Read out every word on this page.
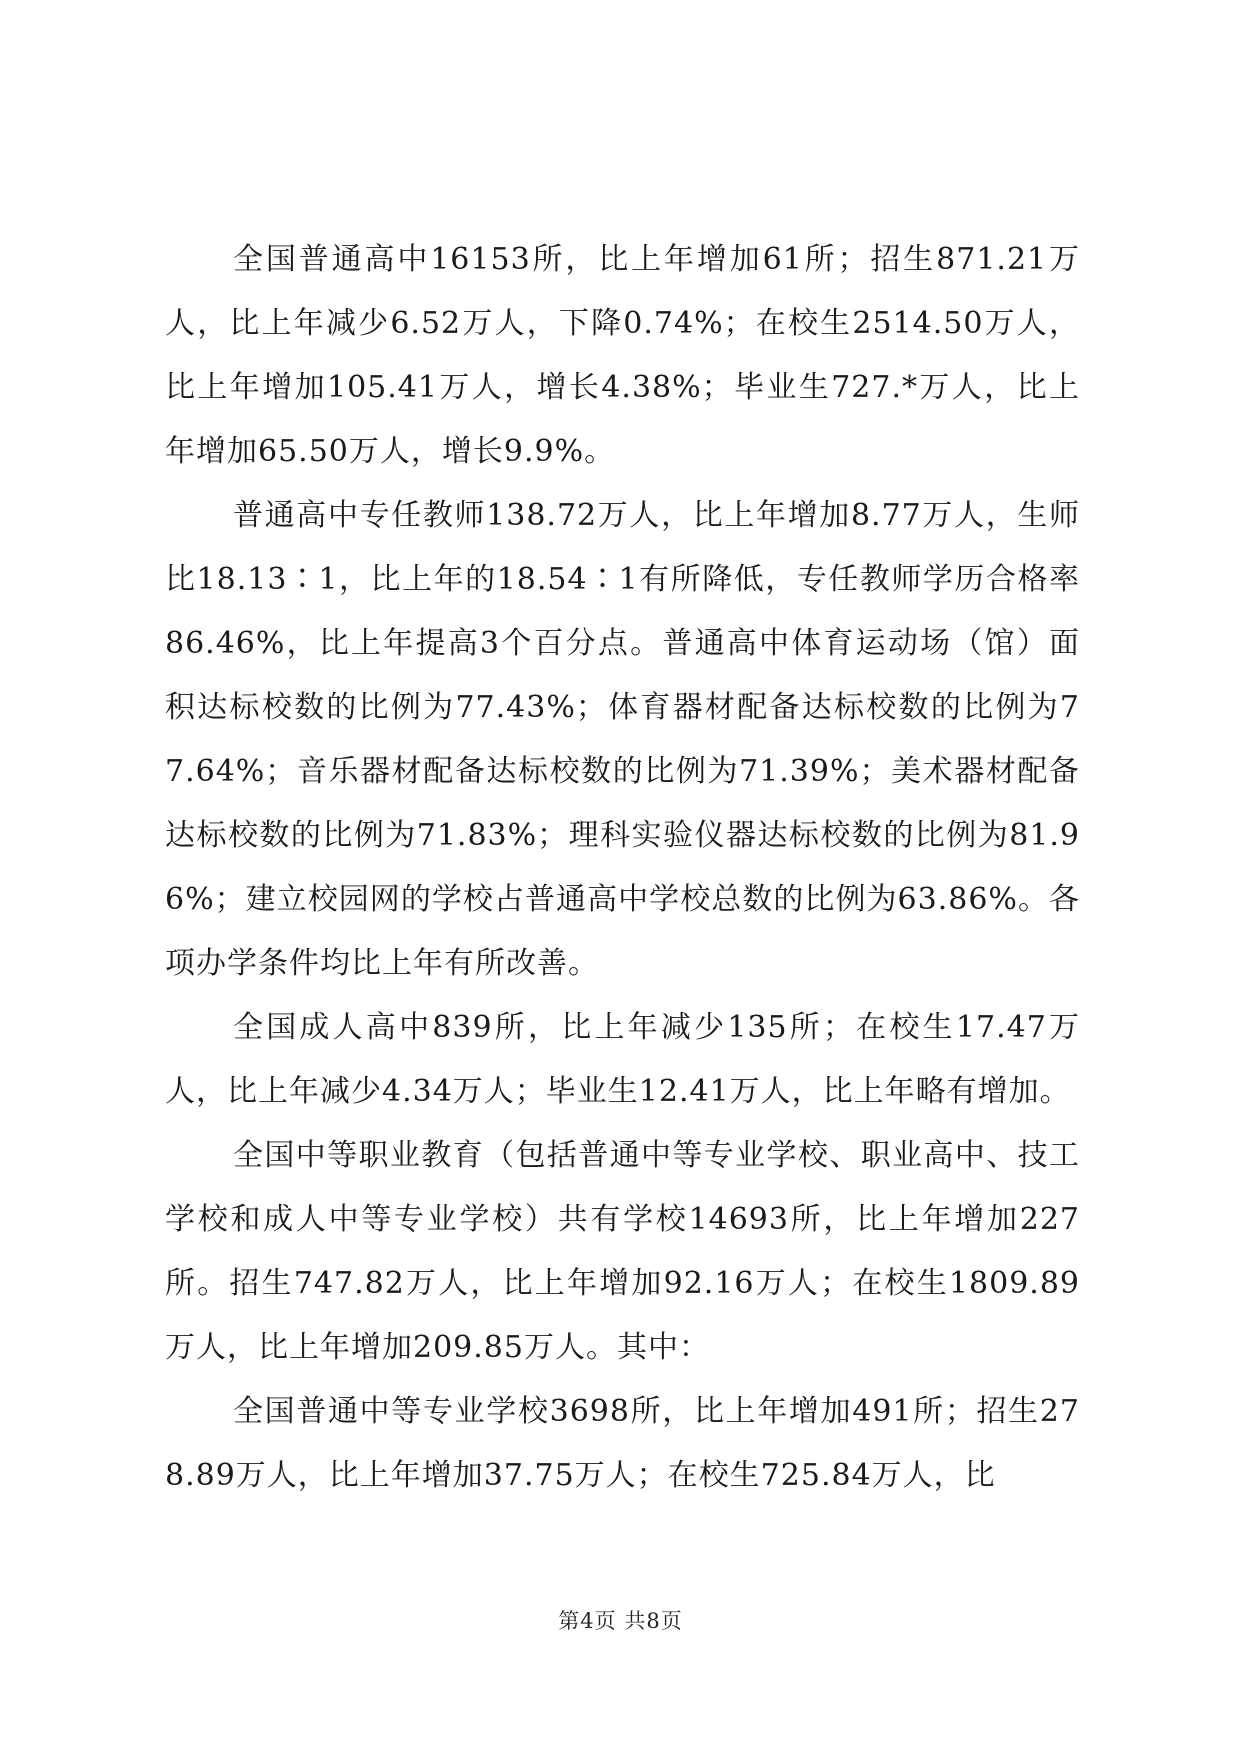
全国普通高中16153所，比上年增加61所；招生871.21万人，比上年减少6.52万人，下降0.74%；在校生2514.50万人，比上年增加105.41万人，增长4.38%；毕业生727.*万人，比上年增加65.50万人，增长9.9%。

普通高中专任教师138.72万人，比上年增加8.77万人，生师比18.13∶1，比上年的18.54∶1有所降低，专任教师学历合格率86.46%，比上年提高3个百分点。普通高中体育运动场（馆）面积达标校数的比例为77.43%；体育器材配备达标校数的比例为77.64%；音乐器材配备达标校数的比例为71.39%；美术器材配备达标校数的比例为71.83%；理科实验仪器达标校数的比例为81.96%；建立校园网的学校占普通高中学校总数的比例为63.86%。各项办学条件均比上年有所改善。

全国成人高中839所，比上年减少135所；在校生17.47万人，比上年减少4.34万人；毕业生12.41万人，比上年略有增加。

全国中等职业教育（包括普通中等专业学校、职业高中、技工学校和成人中等专业学校）共有学校14693所，比上年增加227所。招生747.82万人，比上年增加92.16万人；在校生1809.89万人，比上年增加209.85万人。其中：

全国普通中等专业学校3698所，比上年增加491所；招生278.89万人，比上年增加37.75万人；在校生725.84万人，比

第4页 共8页
